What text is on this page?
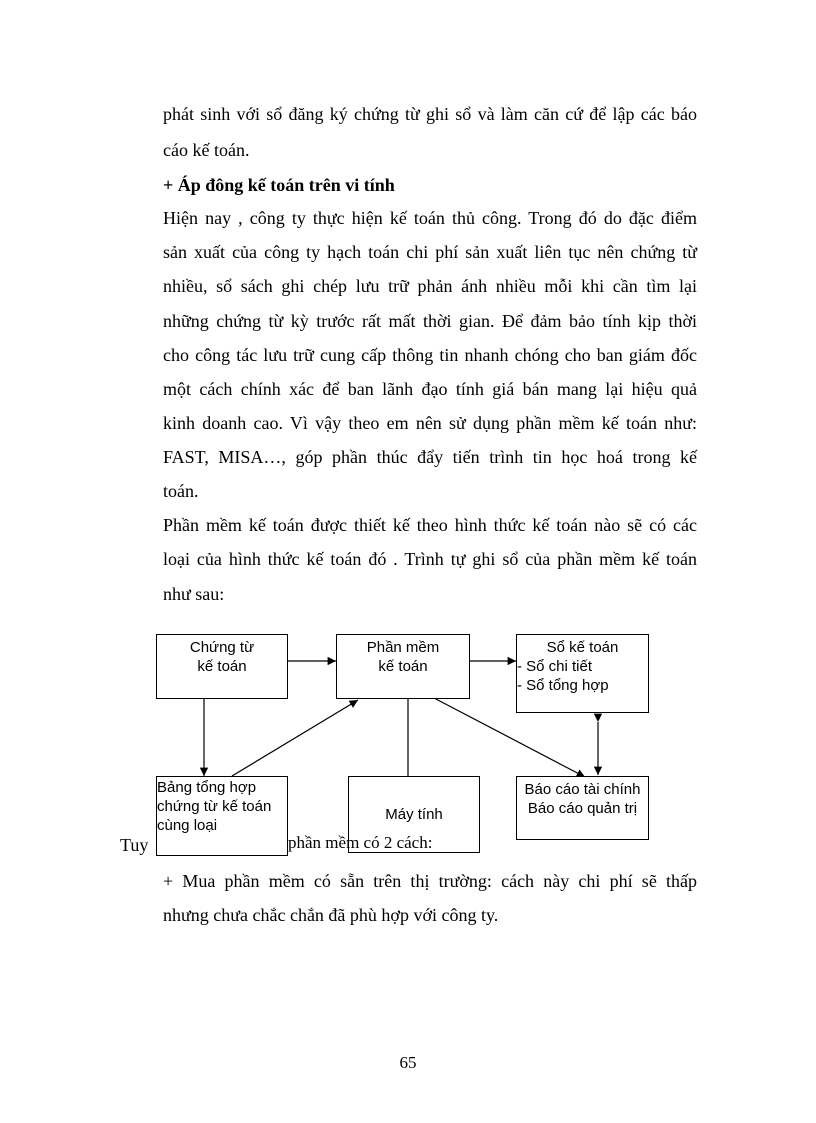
phát sinh với sổ đăng ký chứng từ ghi sổ và làm căn cứ để lập các báo
cáo kế toán.
+ Áp đông kế toán trên vi tính
Hiện nay , công ty thực hiện kế toán thủ công. Trong đó do đặc điểm
sản xuất của công ty hạch toán chi phí sản xuất liên tục nên chứng từ
nhiều, sổ sách ghi chép lưu trữ phản ánh nhiều mỗi khi cần tìm lại
những chứng từ kỳ trước rất mất thời gian. Để đảm bảo tính kịp thời
cho công tác lưu trữ cung cấp thông tin nhanh chóng cho ban giám đốc
một cách chính xác để ban lãnh đạo tính giá bán mang lại hiệu quả
kinh doanh cao. Vì vậy theo em nên sử dụng phần mềm kế toán như:
FAST, MISA…, góp phần thúc đẩy tiến trình tin học hoá trong kế
toán.
Phần mềm kế toán được thiết kế theo hình thức kế toán nào sẽ có các
loại của hình thức kế toán đó . Trình tự ghi sổ của phần mềm kế toán
như sau:
Chứng từ
kế toán
Phần mềm
kế toán
Sổ kế toán
- Sổ chi tiết
- Sổ tổng hợp
Bảng tổng hợp
chứng từ kế toán
cùng loại
Máy tính
Báo cáo tài chính
Báo cáo quản trị
Tuy	phần mềm có 2 cách:
+ Mua phần mềm có sẵn trên thị trường: cách này chi phí sẽ thấp
nhưng chưa chắc chắn đã phù hợp với công ty.
65
